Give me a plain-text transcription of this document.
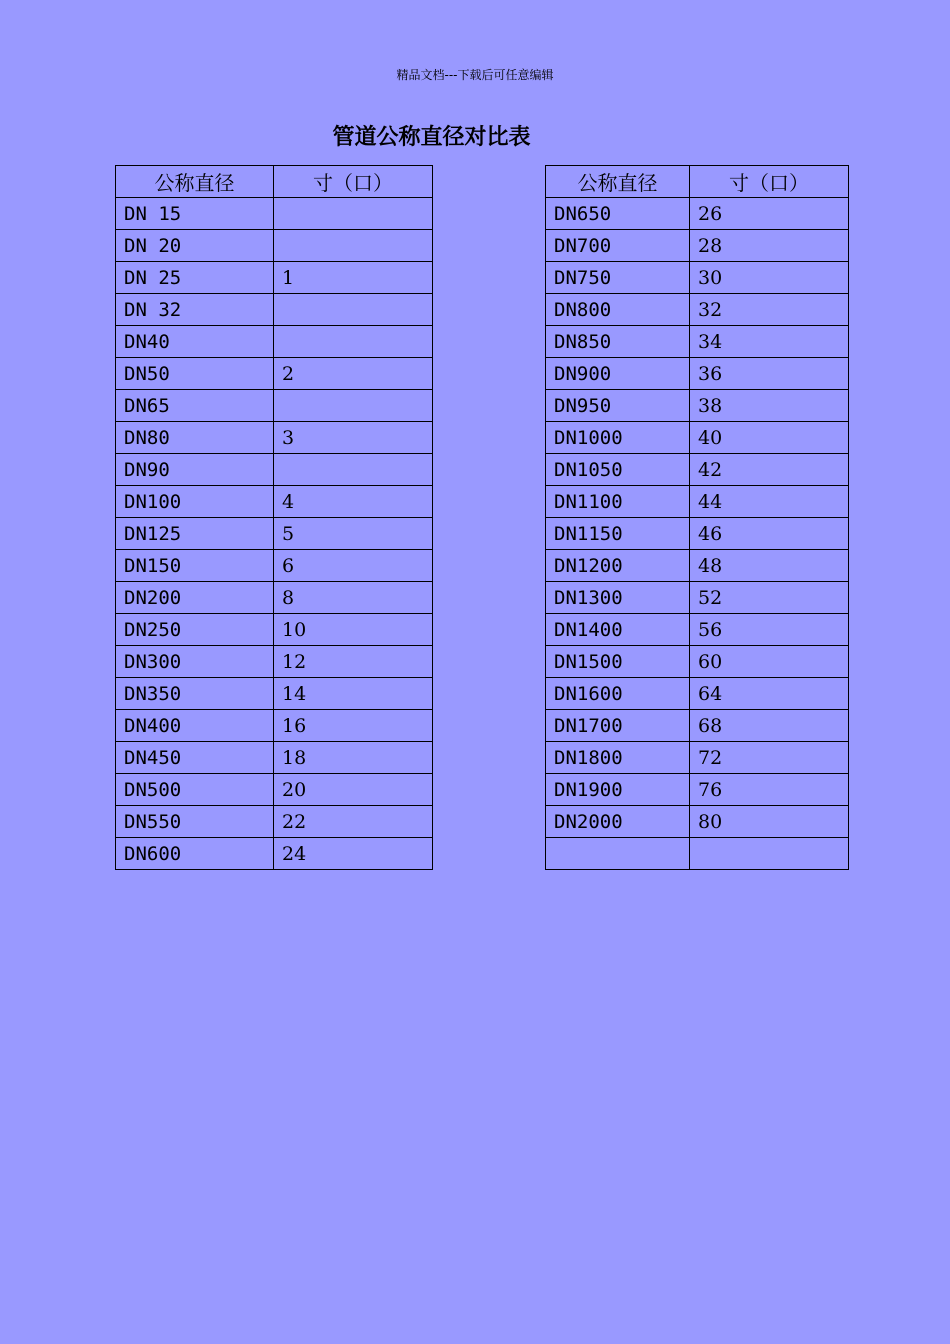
精品文档---下载后可任意编辑
管道公称直径对比表
公称直径	寸（口）
DN 15	
DN 20	
DN 25	1
DN 32	
DN40	
DN50	2
DN65	
DN80	3
DN90	
DN100	4
DN125	5
DN150	6
DN200	8
DN250	10
DN300	12
DN350	14
DN400	16
DN450	18
DN500	20
DN550	22
DN600	24
公称直径	寸（口）
DN650	26
DN700	28
DN750	30
DN800	32
DN850	34
DN900	36
DN950	38
DN1000	40
DN1050	42
DN1100	44
DN1150	46
DN1200	48
DN1300	52
DN1400	56
DN1500	60
DN1600	64
DN1700	68
DN1800	72
DN1900	76
DN2000	80
